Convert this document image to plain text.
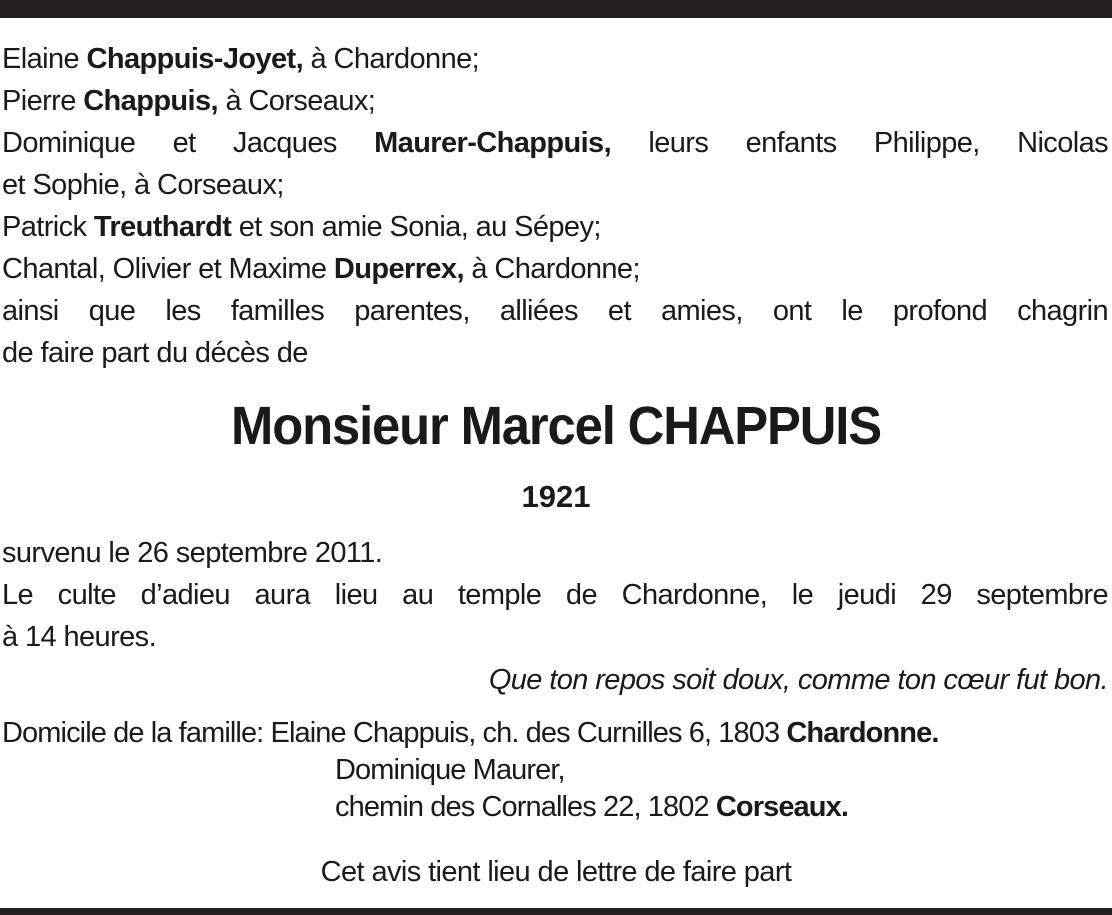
Elaine Chappuis-Joyet, à Chardonne;
Pierre Chappuis, à Corseaux;
Dominique et Jacques Maurer-Chappuis, leurs enfants Philippe, Nicolas
et Sophie, à Corseaux;
Patrick Treuthardt et son amie Sonia, au Sépey;
Chantal, Olivier et Maxime Duperrex, à Chardonne;
ainsi que les familles parentes, alliées et amies, ont le profond chagrin
de faire part du décès de
Monsieur Marcel CHAPPUIS
1921
survenu le 26 septembre 2011.
Le culte d’adieu aura lieu au temple de Chardonne, le jeudi 29 septembre
à 14 heures.
Que ton repos soit doux, comme ton cœur fut bon.
Domicile de la famille: Elaine Chappuis, ch. des Curnilles 6, 1803 Chardonne.
Dominique Maurer,
chemin des Cornalles 22, 1802 Corseaux.
Cet avis tient lieu de lettre de faire part
